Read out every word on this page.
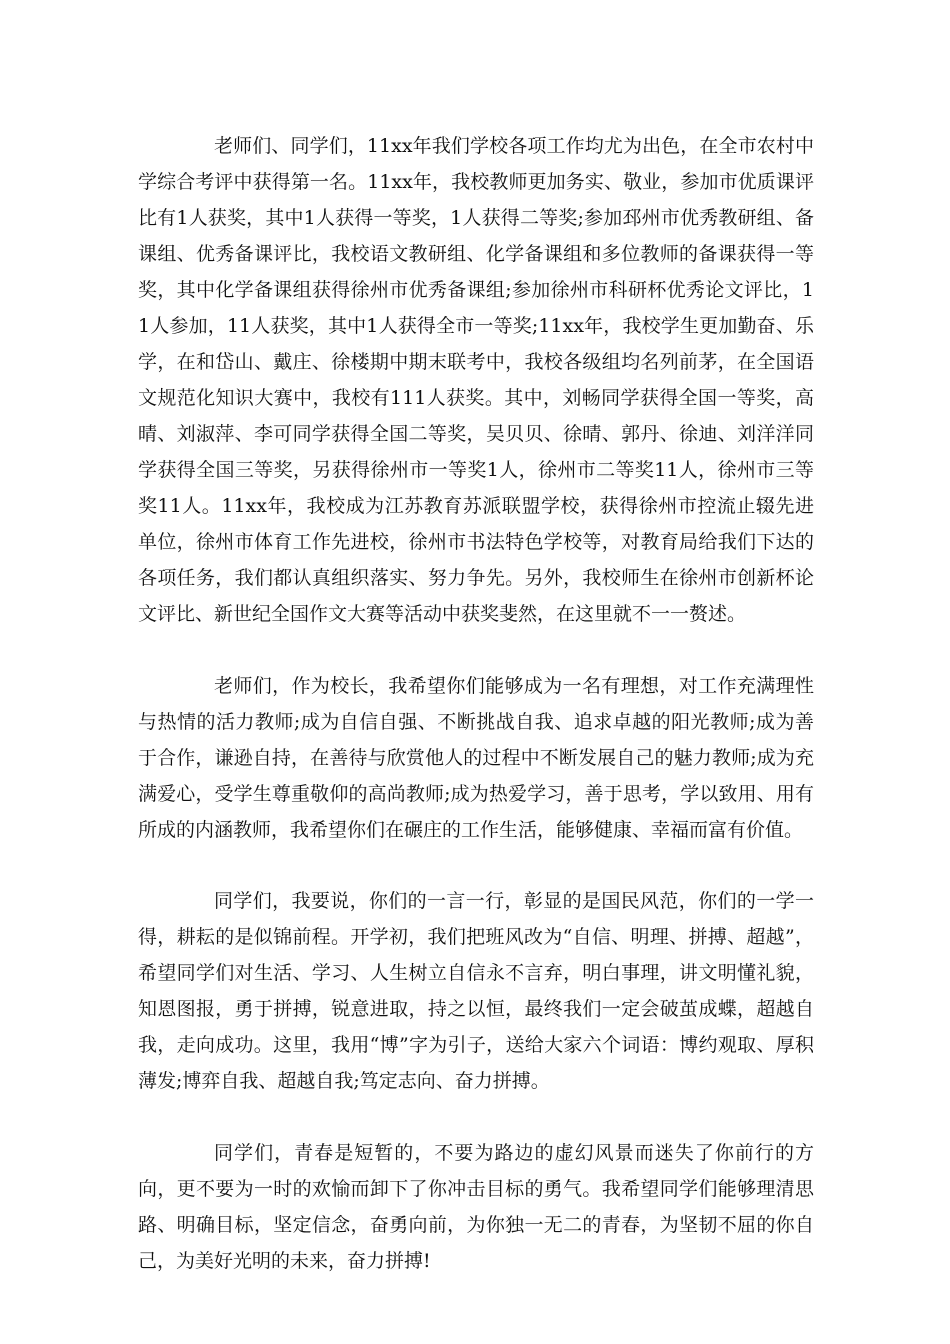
老师们、同学们，11xx年我们学校各项工作均尤为出色，在全市农村中学综合考评中获得第一名。11xx年，我校教师更加务实、敬业，参加市优质课评比有1人获奖，其中1人获得一等奖，1人获得二等奖;参加邳州市优秀教研组、备课组、优秀备课评比，我校语文教研组、化学备课组和多位教师的备课获得一等奖，其中化学备课组获得徐州市优秀备课组;参加徐州市科研杯优秀论文评比，11人参加，11人获奖，其中1人获得全市一等奖;11xx年，我校学生更加勤奋、乐学，在和岱山、戴庄、徐楼期中期末联考中，我校各级组均名列前茅，在全国语文规范化知识大赛中，我校有111人获奖。其中，刘畅同学获得全国一等奖，高晴、刘淑萍、李可同学获得全国二等奖，吴贝贝、徐晴、郭丹、徐迪、刘洋洋同学获得全国三等奖，另获得徐州市一等奖1人，徐州市二等奖11人，徐州市三等奖11人。11xx年，我校成为江苏教育苏派联盟学校，获得徐州市控流止辍先进单位，徐州市体育工作先进校，徐州市书法特色学校等，对教育局给我们下达的各项任务，我们都认真组织落实、努力争先。另外，我校师生在徐州市创新杯论文评比、新世纪全国作文大赛等活动中获奖斐然，在这里就不一一赘述。

老师们，作为校长，我希望你们能够成为一名有理想，对工作充满理性与热情的活力教师;成为自信自强、不断挑战自我、追求卓越的阳光教师;成为善于合作，谦逊自持，在善待与欣赏他人的过程中不断发展自己的魅力教师;成为充满爱心，受学生尊重敬仰的高尚教师;成为热爱学习，善于思考，学以致用、用有所成的内涵教师，我希望你们在碾庄的工作生活，能够健康、幸福而富有价值。

同学们，我要说，你们的一言一行，彰显的是国民风范，你们的一学一得，耕耘的是似锦前程。开学初，我们把班风改为“自信、明理、拼搏、超越”，希望同学们对生活、学习、人生树立自信永不言弃，明白事理，讲文明懂礼貌，知恩图报，勇于拼搏，锐意进取，持之以恒，最终我们一定会破茧成蝶，超越自我，走向成功。这里，我用“博”字为引子，送给大家六个词语：博约观取、厚积薄发;博弈自我、超越自我;笃定志向、奋力拼搏。

同学们，青春是短暂的，不要为路边的虚幻风景而迷失了你前行的方向，更不要为一时的欢愉而卸下了你冲击目标的勇气。我希望同学们能够理清思路、明确目标，坚定信念，奋勇向前，为你独一无二的青春，为坚韧不屈的你自己，为美好光明的未来，奋力拼搏!
